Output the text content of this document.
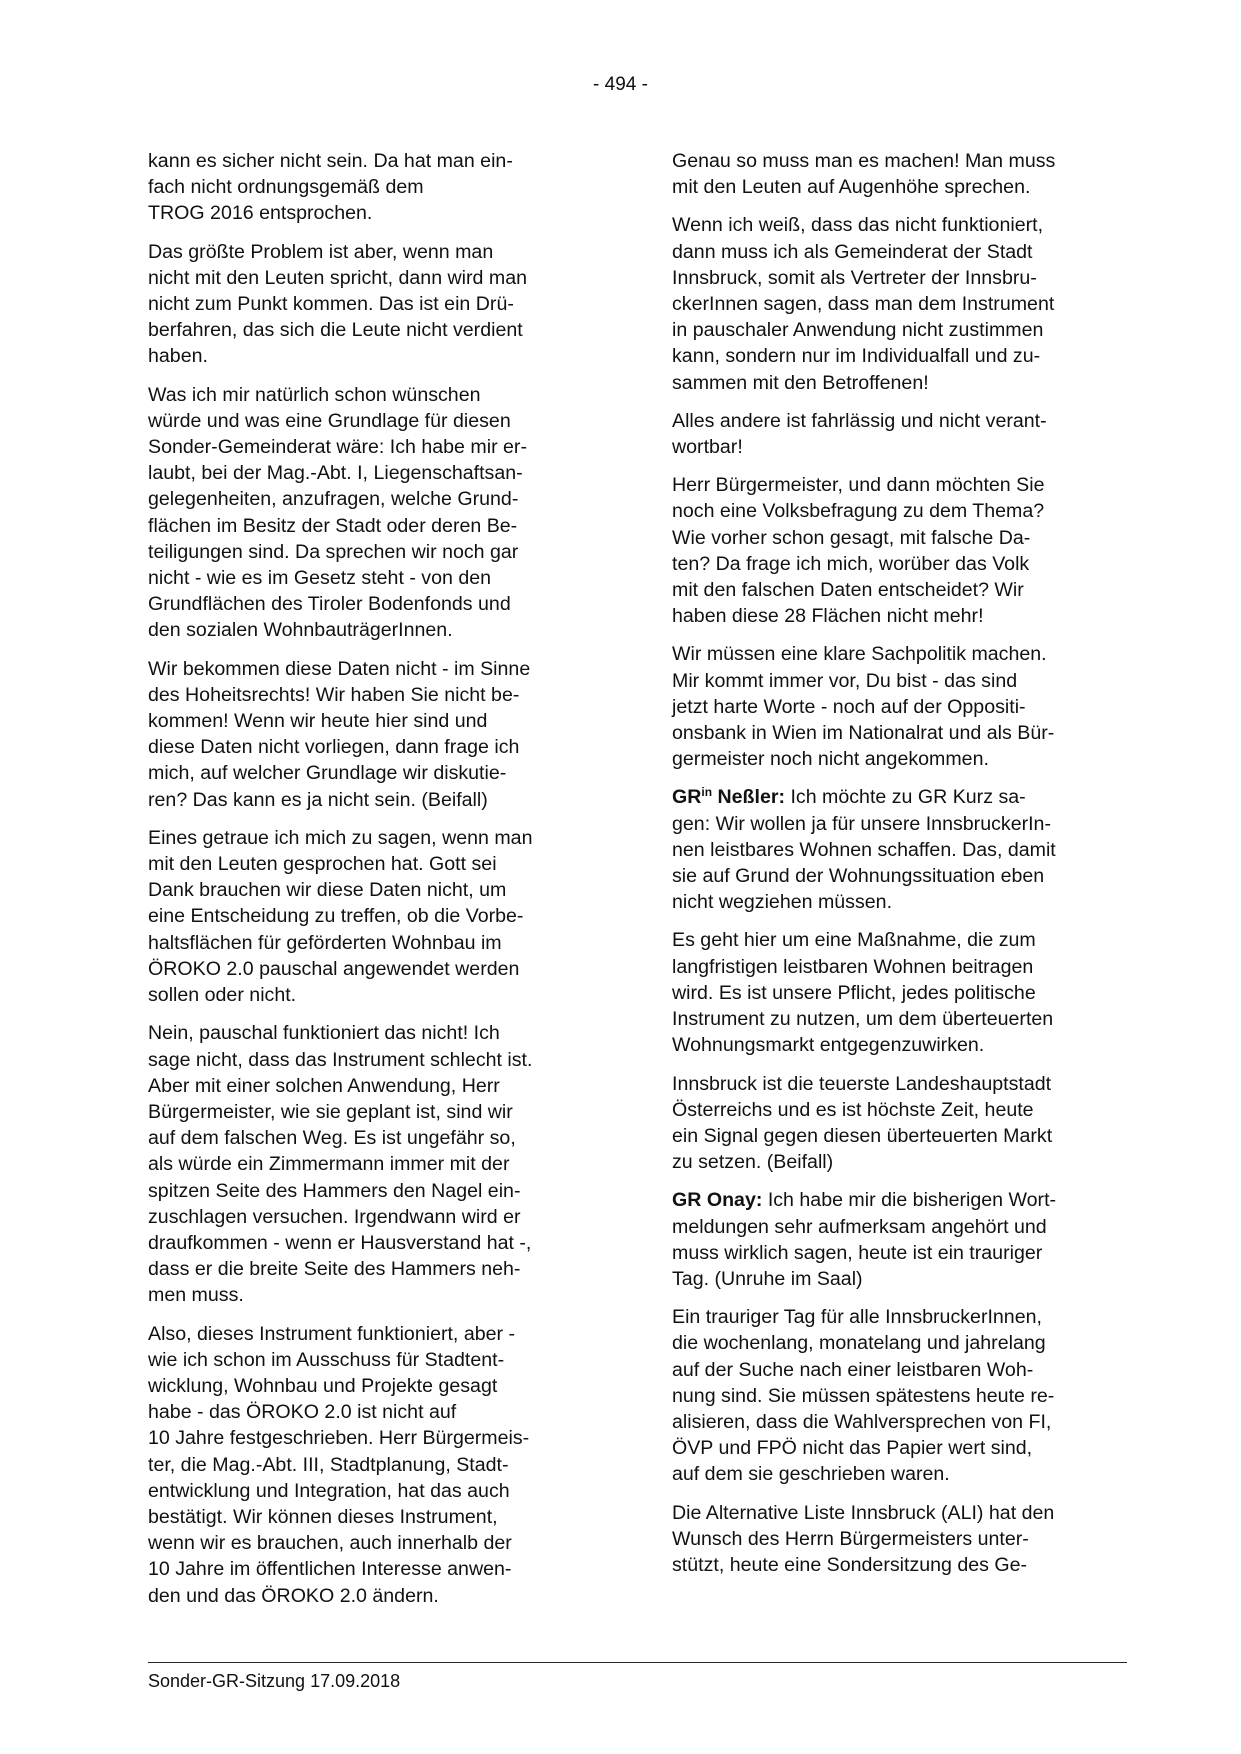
- 494 -

kann es sicher nicht sein. Da hat man ein-
fach nicht ordnungsgemäß dem
TROG 2016 entsprochen.

Das größte Problem ist aber, wenn man
nicht mit den Leuten spricht, dann wird man
nicht zum Punkt kommen. Das ist ein Drü-
berfahren, das sich die Leute nicht verdient
haben.

Was ich mir natürlich schon wünschen
würde und was eine Grundlage für diesen
Sonder-Gemeinderat wäre: Ich habe mir er-
laubt, bei der Mag.-Abt. I, Liegenschaftsan-
gelegenheiten, anzufragen, welche Grund-
flächen im Besitz der Stadt oder deren Be-
teiligungen sind. Da sprechen wir noch gar
nicht - wie es im Gesetz steht - von den
Grundflächen des Tiroler Bodenfonds und
den sozialen WohnbauträgerInnen.

Wir bekommen diese Daten nicht - im Sinne
des Hoheitsrechts! Wir haben Sie nicht be-
kommen! Wenn wir heute hier sind und
diese Daten nicht vorliegen, dann frage ich
mich, auf welcher Grundlage wir diskutie-
ren? Das kann es ja nicht sein. (Beifall)

Eines getraue ich mich zu sagen, wenn man
mit den Leuten gesprochen hat. Gott sei
Dank brauchen wir diese Daten nicht, um
eine Entscheidung zu treffen, ob die Vorbe-
haltsflächen für geförderten Wohnbau im
ÖROKO 2.0 pauschal angewendet werden
sollen oder nicht.

Nein, pauschal funktioniert das nicht! Ich
sage nicht, dass das Instrument schlecht ist.
Aber mit einer solchen Anwendung, Herr
Bürgermeister, wie sie geplant ist, sind wir
auf dem falschen Weg. Es ist ungefähr so,
als würde ein Zimmermann immer mit der
spitzen Seite des Hammers den Nagel ein-
zuschlagen versuchen. Irgendwann wird er
draufkommen - wenn er Hausverstand hat -,
dass er die breite Seite des Hammers neh-
men muss.

Also, dieses Instrument funktioniert, aber -
wie ich schon im Ausschuss für Stadtent-
wicklung, Wohnbau und Projekte gesagt
habe - das ÖROKO 2.0 ist nicht auf
10 Jahre festgeschrieben. Herr Bürgermeis-
ter, die Mag.-Abt. III, Stadtplanung, Stadt-
entwicklung und Integration, hat das auch
bestätigt. Wir können dieses Instrument,
wenn wir es brauchen, auch innerhalb der
10 Jahre im öffentlichen Interesse anwen-
den und das ÖROKO 2.0 ändern.

Genau so muss man es machen! Man muss
mit den Leuten auf Augenhöhe sprechen.

Wenn ich weiß, dass das nicht funktioniert,
dann muss ich als Gemeinderat der Stadt
Innsbruck, somit als Vertreter der Innsbru-
ckerInnen sagen, dass man dem Instrument
in pauschaler Anwendung nicht zustimmen
kann, sondern nur im Individualfall und zu-
sammen mit den Betroffenen!

Alles andere ist fahrlässig und nicht verant-
wortbar!

Herr Bürgermeister, und dann möchten Sie
noch eine Volksbefragung zu dem Thema?
Wie vorher schon gesagt, mit falsche Da-
ten? Da frage ich mich, worüber das Volk
mit den falschen Daten entscheidet? Wir
haben diese 28 Flächen nicht mehr!

Wir müssen eine klare Sachpolitik machen.
Mir kommt immer vor, Du bist - das sind
jetzt harte Worte - noch auf der Oppositi-
onsbank in Wien im Nationalrat und als Bür-
germeister noch nicht angekommen.

$GR^{in}$ Neßler: Ich möchte zu GR Kurz sa-
gen: Wir wollen ja für unsere InnsbruckerIn-
nen leistbares Wohnen schaffen. Das, damit
sie auf Grund der Wohnungssituation eben
nicht wegziehen müssen.

Es geht hier um eine Maßnahme, die zum
langfristigen leistbaren Wohnen beitragen
wird. Es ist unsere Pflicht, jedes politische
Instrument zu nutzen, um dem überteuerten
Wohnungsmarkt entgegenzuwirken.

Innsbruck ist die teuerste Landeshauptstadt
Österreichs und es ist höchste Zeit, heute
ein Signal gegen diesen überteuerten Markt
zu setzen. (Beifall)

GR Onay: Ich habe mir die bisherigen Wort-
meldungen sehr aufmerksam angehört und
muss wirklich sagen, heute ist ein trauriger
Tag. (Unruhe im Saal)

Ein trauriger Tag für alle InnsbruckerInnen,
die wochenlang, monatelang und jahrelang
auf der Suche nach einer leistbaren Woh-
nung sind. Sie müssen spätestens heute re-
alisieren, dass die Wahlversprechen von FI,
ÖVP und FPÖ nicht das Papier wert sind,
auf dem sie geschrieben waren.

Die Alternative Liste Innsbruck (ALI) hat den
Wunsch des Herrn Bürgermeisters unter-
stützt, heute eine Sondersitzung des Ge-

Sonder-GR-Sitzung 17.09.2018
